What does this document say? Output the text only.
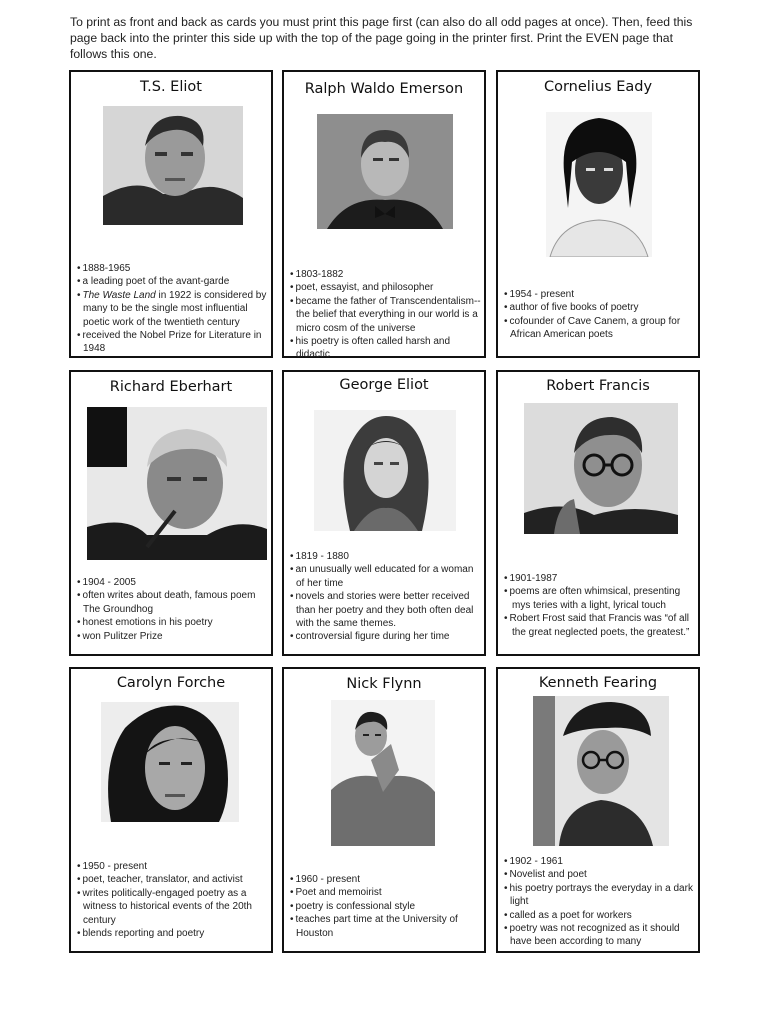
To print as front and back as cards you must print this page first (can also do all odd pages at once). Then, feed this page back into the printer this side up with the top of the page going in the printer first. Print the EVEN page that follows this one.
T.S. Eliot
• 1888-1965
• a leading poet of the avant-garde
• The Waste Land in 1922 is considered by many to be the single most influential poetic work of the twentieth century
• received the Nobel Prize for Literature in 1948
Ralph Waldo Emerson
• 1803-1882
• poet, essayist, and philosopher
• became the father of Transcendentalism--the belief that everything in our world is a micro cosm of the universe
• his poetry is often called harsh and didactic
Cornelius Eady
• 1954 - present
• author of five books of poetry
• cofounder of Cave Canem, a group for African American poets
Richard Eberhart
• 1904 - 2005
• often writes about death, famous poem The Groundhog
• honest emotions in his poetry
• won Pulitzer Prize
George Eliot
• 1819 - 1880
• an unusually well educated for a woman of her time
• novels and stories were better received than her poetry and they both often deal with the same themes.
• controversial figure during her time
Robert Francis
• 1901-1987
• poems are often whimsical, presenting mys teries with a light, lyrical touch
• Robert Frost said that Francis was “of all the great neglected poets, the greatest.”
Carolyn Forche
• 1950 - present
• poet, teacher, translator, and activist
• writes politically-engaged poetry as a witness to historical events of the 20th century
• blends reporting and poetry
Nick Flynn
• 1960 - present
• Poet and memoirist
• poetry is confessional style
• teaches part time at the University of Houston
Kenneth Fearing
• 1902 - 1961
• Novelist and poet
• his poetry portrays the everyday in a dark light
• called as a poet for workers
• poetry was not recognized as it should have been according to many
